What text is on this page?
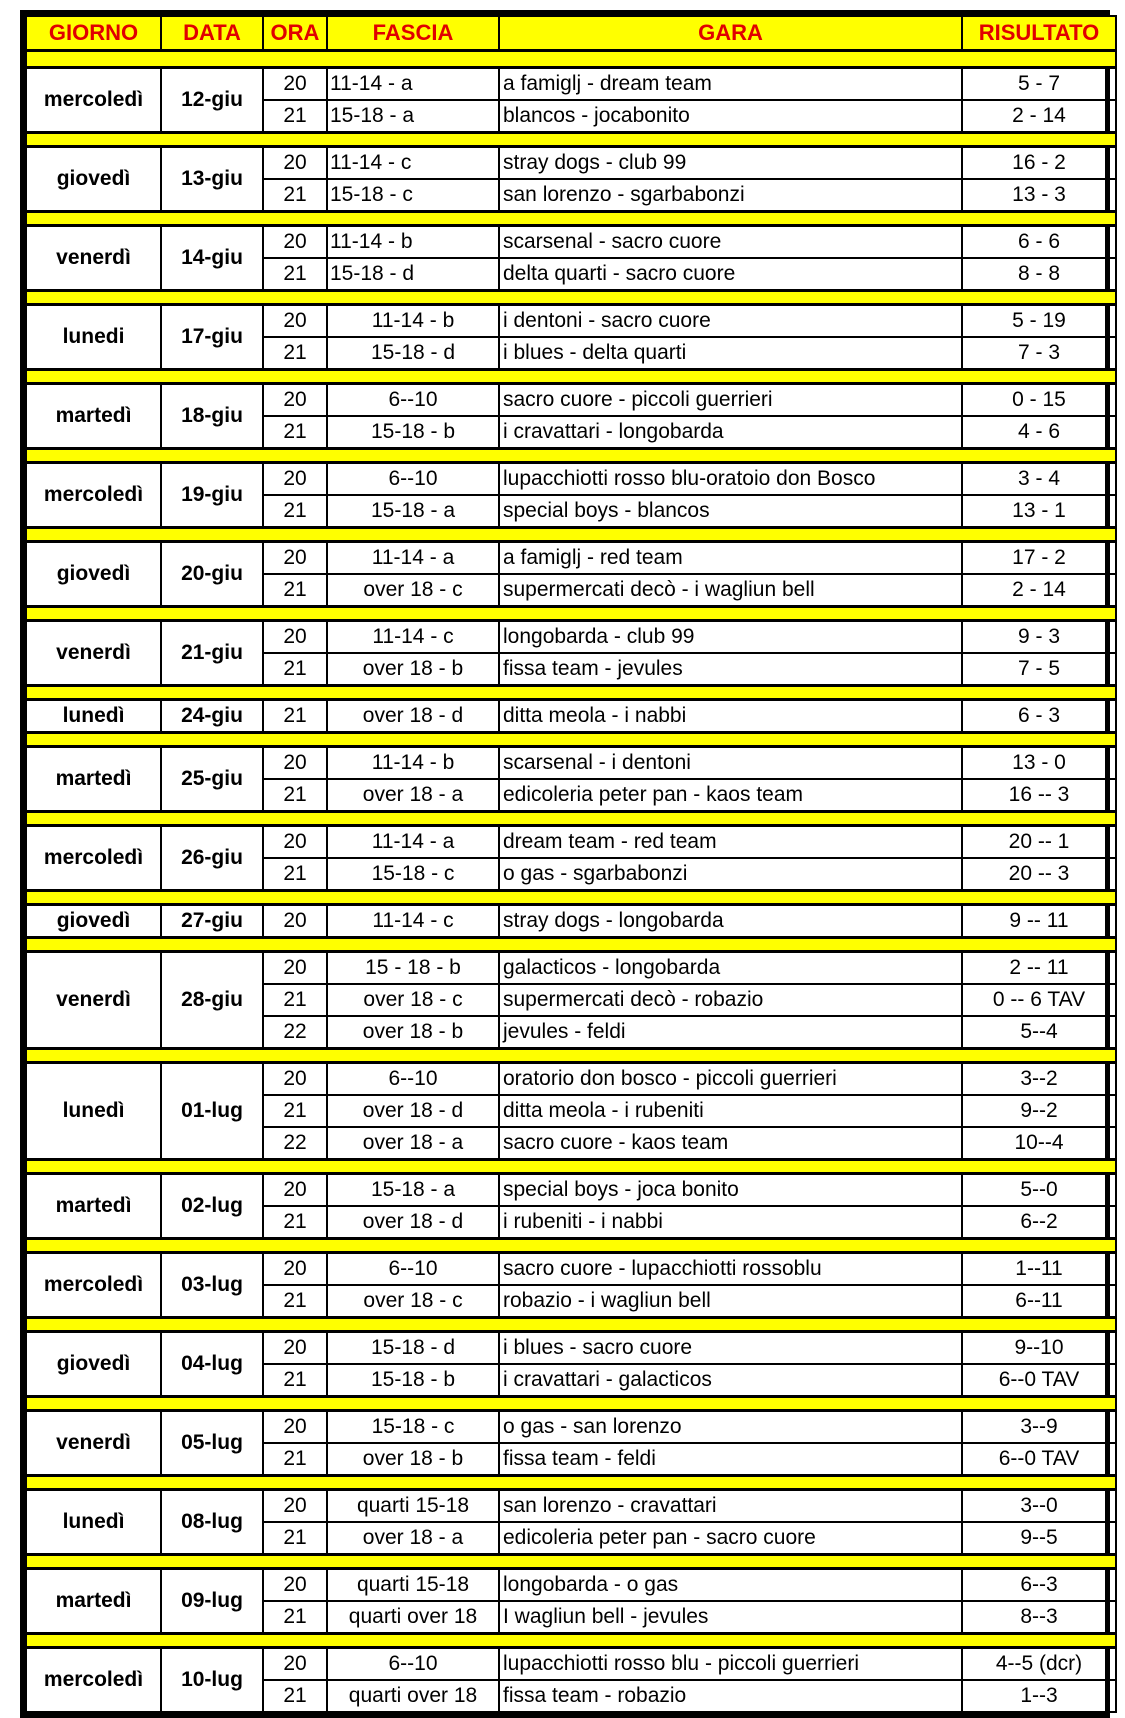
GIORNO	DATA	ORA	FASCIA	GARA	RISULTATO

mercoledì	12-giu	20	11-14 - a	a famiglj - dream team	5 - 7
		21	15-18 - a	blancos - jocabonito	2 - 14

giovedì	13-giu	20	11-14 - c	stray dogs - club 99	16 - 2
		21	15-18 - c	san lorenzo - sgarbabonzi	13 - 3

venerdì	14-giu	20	11-14 - b	scarsenal - sacro cuore	6 - 6
		21	15-18 - d	delta quarti - sacro cuore	8 - 8

lunedi	17-giu	20	11-14 - b	i dentoni - sacro cuore	5 - 19
		21	15-18 - d	i blues - delta quarti	7 - 3

martedì	18-giu	20	6--10	sacro cuore - piccoli guerrieri	0 - 15
		21	15-18 - b	i cravattari - longobarda	4 - 6

mercoledì	19-giu	20	6--10	lupacchiotti rosso blu-oratoio don Bosco	3 - 4
		21	15-18 - a	special boys - blancos	13 - 1

giovedì	20-giu	20	11-14 - a	a famiglj - red team	17 - 2
		21	over 18 - c	supermercati decò - i wagliun bell	2 - 14

venerdì	21-giu	20	11-14 - c	longobarda - club 99	9 - 3
		21	over 18 - b	fissa team - jevules	7 - 5

lunedì	24-giu	21	over 18 - d	ditta meola - i nabbi	6 - 3

martedì	25-giu	20	11-14 - b	scarsenal - i dentoni	13 - 0
		21	over 18 - a	edicoleria peter pan - kaos team	16 -- 3

mercoledì	26-giu	20	11-14 - a	dream team - red team	20 -- 1
		21	15-18 - c	o gas - sgarbabonzi	20 -- 3

giovedì	27-giu	20	11-14 - c	stray dogs - longobarda	9 -- 11

venerdì	28-giu	20	15 - 18 - b	galacticos - longobarda	2 -- 11
		21	over 18 - c	supermercati decò - robazio	0 -- 6 TAV
		22	over 18 - b	jevules - feldi	5--4

lunedì	01-lug	20	6--10	oratorio don bosco - piccoli guerrieri	3--2
		21	over 18 - d	ditta meola - i rubeniti	9--2
		22	over 18 - a	sacro cuore - kaos team	10--4

martedì	02-lug	20	15-18 - a	special boys - joca bonito	5--0
		21	over 18 - d	i rubeniti - i nabbi	6--2

mercoledì	03-lug	20	6--10	sacro cuore - lupacchiotti rossoblu	1--11
		21	over 18 - c	robazio - i wagliun bell	6--11

giovedì	04-lug	20	15-18 - d	i blues - sacro cuore	9--10
		21	15-18 - b	i cravattari - galacticos	6--0 TAV

venerdì	05-lug	20	15-18 - c	o gas - san lorenzo	3--9
		21	over 18 - b	fissa team - feldi	6--0 TAV

lunedì	08-lug	20	quarti 15-18	san lorenzo - cravattari	3--0
		21	over 18 - a	edicoleria peter pan - sacro cuore	9--5

martedì	09-lug	20	quarti 15-18	longobarda - o gas	6--3
		21	quarti over 18	I wagliun bell - jevules	8--3

mercoledì	10-lug	20	6--10	lupacchiotti rosso blu - piccoli guerrieri	4--5 (dcr)
		21	quarti over 18	fissa team - robazio	1--3
